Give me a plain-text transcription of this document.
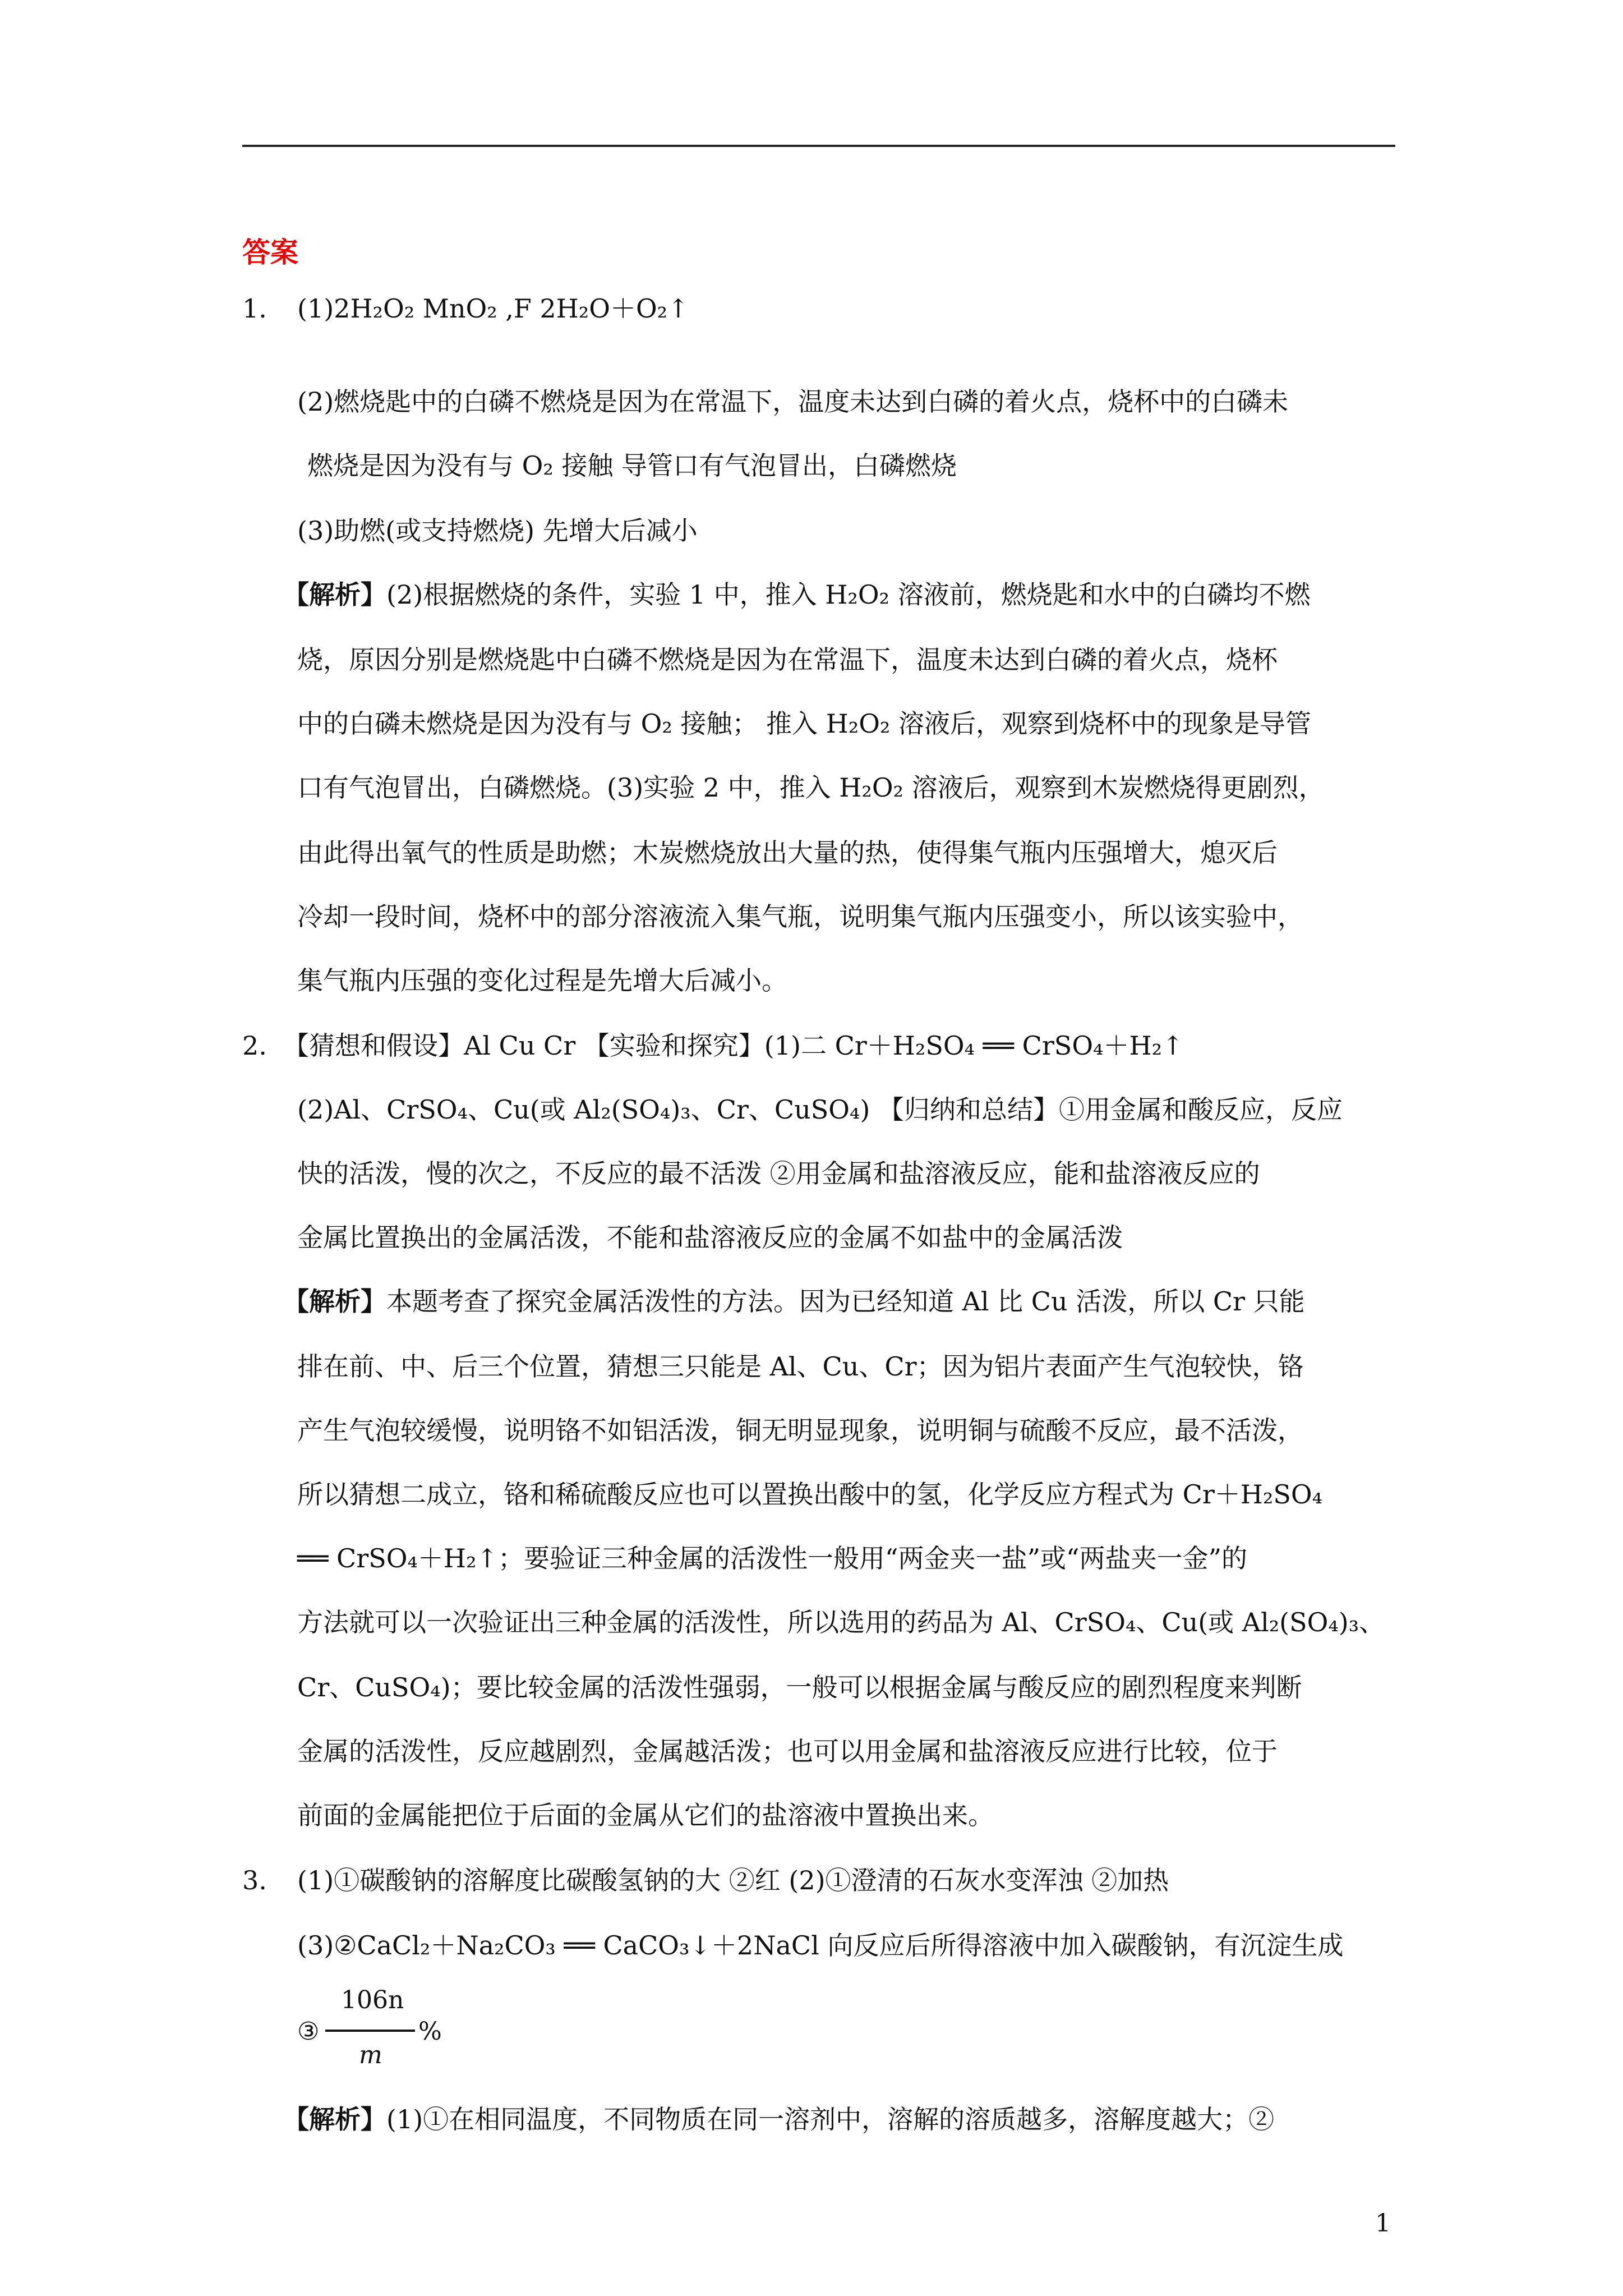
答案
1. (1)2H₂O₂ MnO₂ ,F 2H₂O＋O₂↑
(2)燃烧匙中的白磷不燃烧是因为在常温下，温度未达到白磷的着火点，烧杯中的白磷未
燃烧是因为没有与 O₂ 接触 导管口有气泡冒出，白磷燃烧
(3)助燃(或支持燃烧) 先增大后减小
【解析】(2)根据燃烧的条件，实验 1 中，推入 H₂O₂ 溶液前，燃烧匙和水中的白磷均不燃
烧，原因分别是燃烧匙中白磷不燃烧是因为在常温下，温度未达到白磷的着火点，烧杯
中的白磷未燃烧是因为没有与 O₂ 接触； 推入 H₂O₂ 溶液后，观察到烧杯中的现象是导管
口有气泡冒出，白磷燃烧。(3)实验 2 中，推入 H₂O₂ 溶液后，观察到木炭燃烧得更剧烈，
由此得出氧气的性质是助燃；木炭燃烧放出大量的热，使得集气瓶内压强增大，熄灭后
冷却一段时间，烧杯中的部分溶液流入集气瓶，说明集气瓶内压强变小，所以该实验中，
集气瓶内压强的变化过程是先增大后减小。
2. 【猜想和假设】Al Cu Cr 【实验和探究】(1)二 Cr＋H₂SO₄ ══ CrSO₄＋H₂↑
(2)Al、CrSO₄、Cu(或 Al₂(SO₄)₃、Cr、CuSO₄) 【归纳和总结】①用金属和酸反应，反应
快的活泼，慢的次之，不反应的最不活泼 ②用金属和盐溶液反应，能和盐溶液反应的
金属比置换出的金属活泼，不能和盐溶液反应的金属不如盐中的金属活泼
【解析】本题考查了探究金属活泼性的方法。因为已经知道 Al 比 Cu 活泼，所以 Cr 只能
排在前、中、后三个位置，猜想三只能是 Al、Cu、Cr；因为铝片表面产生气泡较快，铬
产生气泡较缓慢，说明铬不如铝活泼，铜无明显现象，说明铜与硫酸不反应，最不活泼，
所以猜想二成立，铬和稀硫酸反应也可以置换出酸中的氢，化学反应方程式为 Cr＋H₂SO₄
══ CrSO₄＋H₂↑；要验证三种金属的活泼性一般用“两金夹一盐”或“两盐夹一金”的
方法就可以一次验证出三种金属的活泼性，所以选用的药品为 Al、CrSO₄、Cu(或 Al₂(SO₄)₃、
Cr、CuSO₄)；要比较金属的活泼性强弱，一般可以根据金属与酸反应的剧烈程度来判断
金属的活泼性，反应越剧烈，金属越活泼；也可以用金属和盐溶液反应进行比较，位于
前面的金属能把位于后面的金属从它们的盐溶液中置换出来。
3. (1)①碳酸钠的溶解度比碳酸氢钠的大 ②红 (2)①澄清的石灰水变浑浊 ②加热
(3)②CaCl₂＋Na₂CO₃ ══ CaCO₃↓＋2NaCl 向反应后所得溶液中加入碳酸钠，有沉淀生成
③
106n
%
m
【解析】(1)①在相同温度，不同物质在同一溶剂中，溶解的溶质越多，溶解度越大；②
1
